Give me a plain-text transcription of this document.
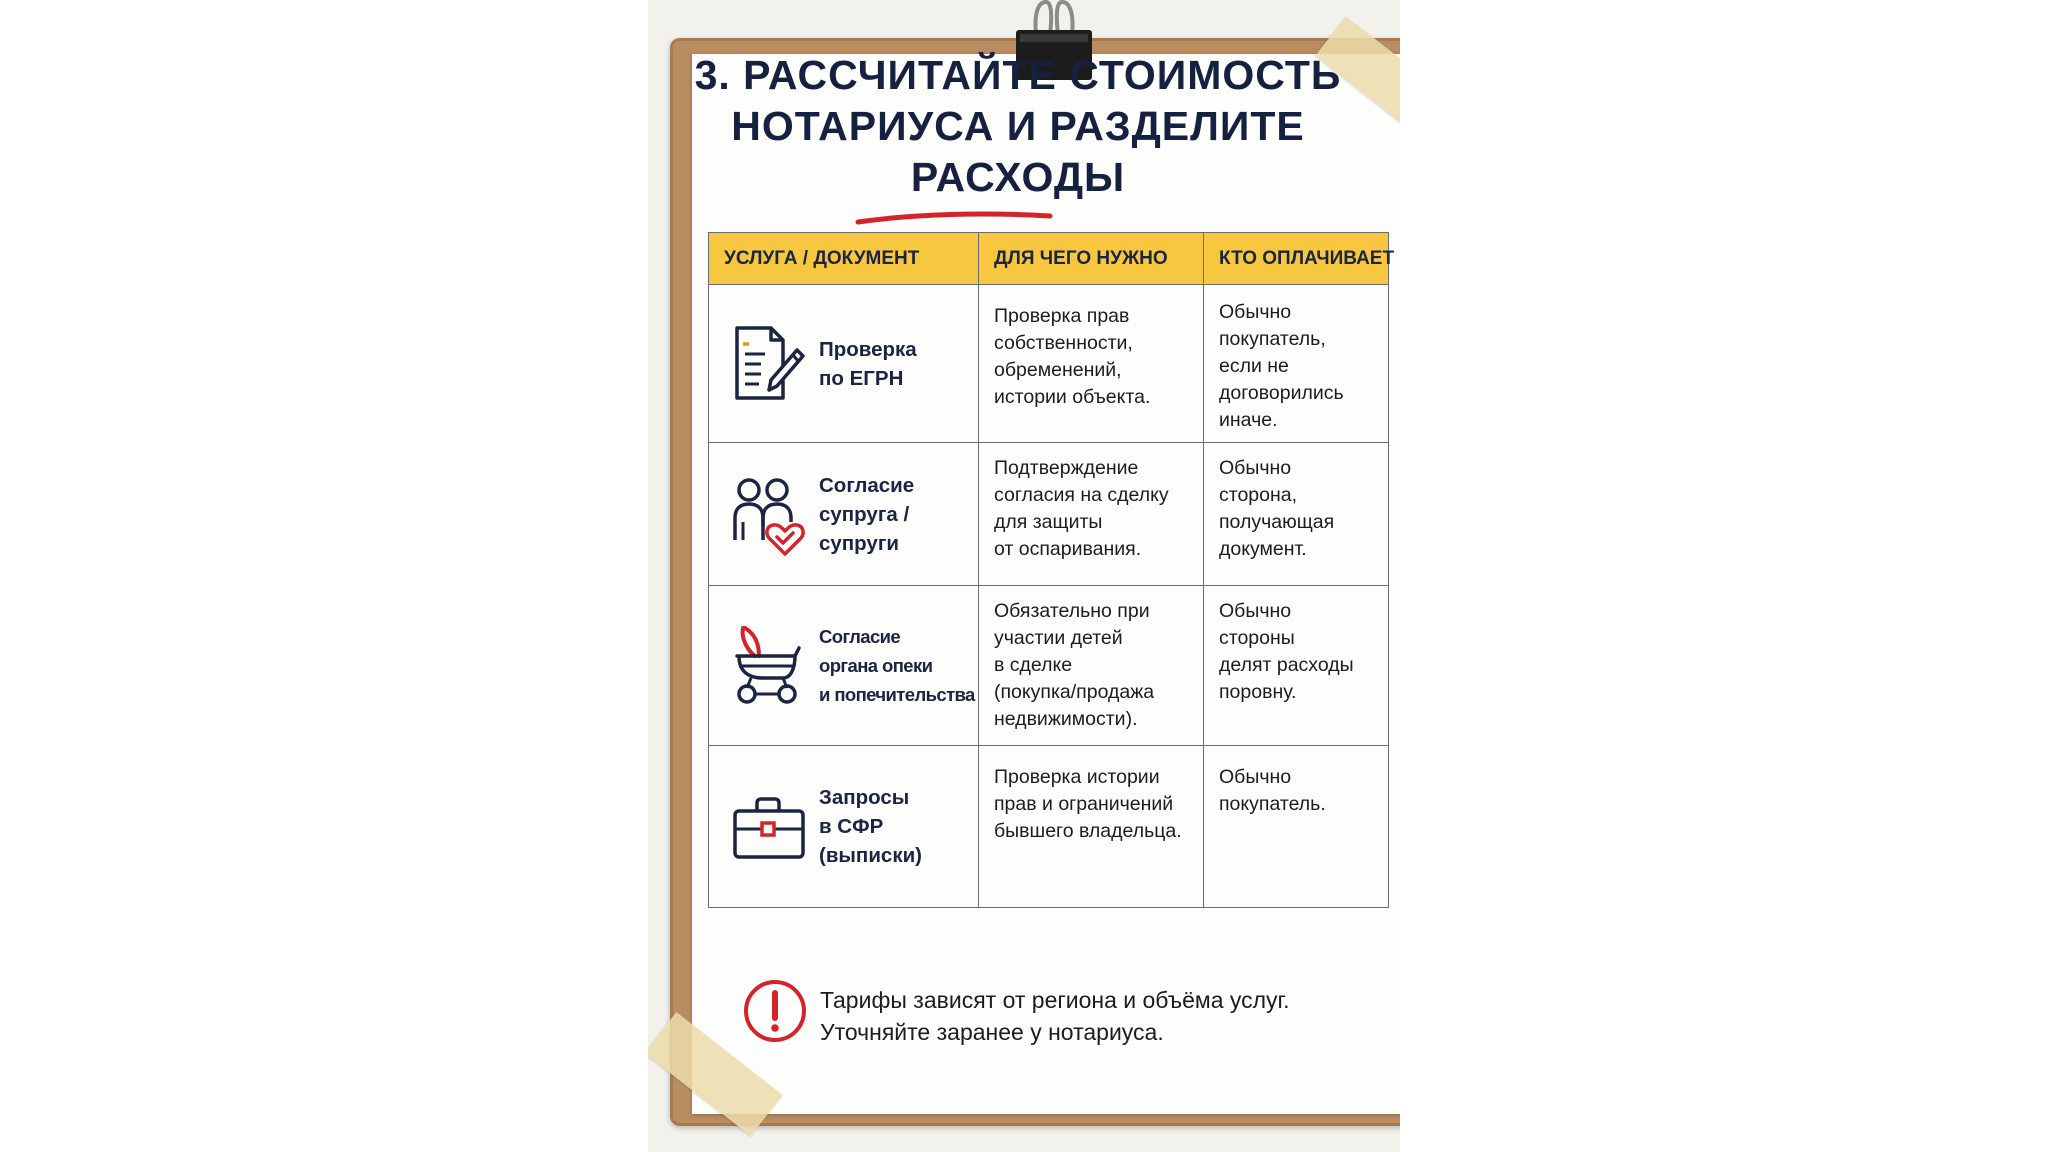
3. РАССЧИТАЙТЕ СТОИМОСТЬ
НОТАРИУСА И РАЗДЕЛИТЕ
РАСХОДЫ
УСЛУГА / ДОКУМЕНТ	ДЛЯ ЧЕГО НУЖНО	КТО ОПЛАЧИВАЕТ

Проверка
по ЕГРН	Проверка прав
собственности,
обременений,
истории объекта.	Обычно
покупатель,
если не
договорились
иначе.

Согласие
супруга /
супруги	Подтверждение
согласия на сделку
для защиты
от оспаривания.	Обычно
сторона,
получающая
документ.

Согласие
органа опеки
и попечительства	Обязательно при
участии детей
в сделке
(покупка/продажа
недвижимости).	Обычно
стороны
делят расходы
поровну.

Запросы
в СФР
(выписки)	Проверка истории
прав и ограничений
бывшего владельца.	Обычно
покупатель.
Тарифы зависят от региона и объёма услуг.
Уточняйте заранее у нотариуса.
